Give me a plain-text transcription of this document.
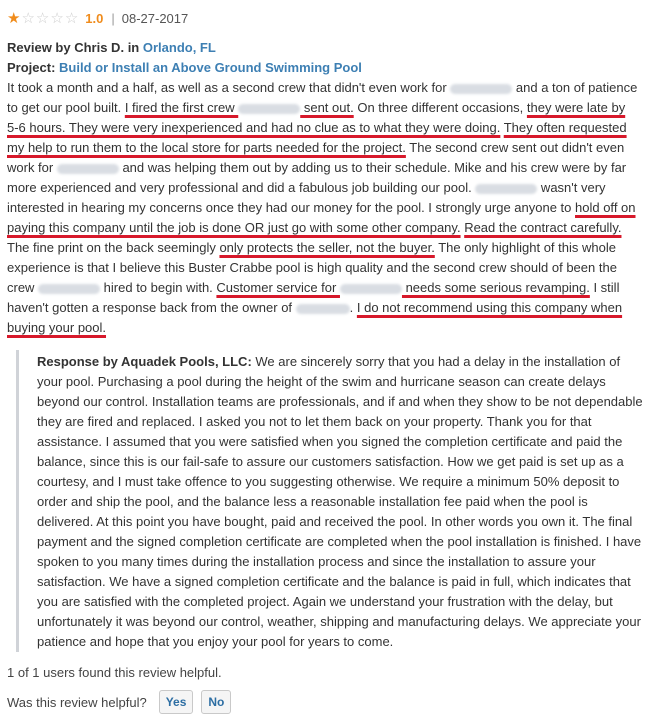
★ ☆ ☆ ☆ ☆ 1.0 | 08-27-2017
Review by Chris D. in Orlando, FL
Project: Build or Install an Above Ground Swimming Pool
It took a month and a half, as well as a second crew that didn't even work for	and a ton of patience to get our pool built. I fired the first crew	sent out. On three different occasions, they were late by 5-6 hours. They were very inexperienced and had no clue as to what they were doing. They often requested my help to run them to the local store for parts needed for the project. The second crew sent out didn't even work for	and was helping them out by adding us to their schedule. Mike and his crew were by far more experienced and very professional and did a fabulous job building our pool.	wasn't very interested in hearing my concerns once they had our money for the pool. I strongly urge anyone to hold off on paying this company until the job is done OR just go with some other company. Read the contract carefully. The fine print on the back seemingly only protects the seller, not the buyer. The only highlight of this whole experience is that I believe this Buster Crabbe pool is high quality and the second crew should of been the crew	hired to begin with. Customer service for	needs some serious revamping. I still haven't gotten a response back from the owner of	. I do not recommend using this company when buying your pool.
Response by Aquadek Pools, LLC: We are sincerely sorry that you had a delay in the installation of your pool. Purchasing a pool during the height of the swim and hurricane season can create delays beyond our control. Installation teams are professionals, and if and when they show to be not dependable they are fired and replaced. I asked you not to let them back on your property. Thank you for that assistance. I assumed that you were satisfied when you signed the completion certificate and paid the balance, since this is our fail-safe to assure our customers satisfaction. How we get paid is set up as a courtesy, and I must take offence to you suggesting otherwise. We require a minimum 50% deposit to order and ship the pool, and the balance less a reasonable installation fee paid when the pool is delivered. At this point you have bought, paid and received the pool. In other words you own it. The final payment and the signed completion certificate are completed when the pool installation is finished. I have spoken to you many times during the installation process and since the installation to assure your satisfaction. We have a signed completion certificate and the balance is paid in full, which indicates that you are satisfied with the completed project. Again we understand your frustration with the delay, but unfortunately it was beyond our control, weather, shipping and manufacturing delays. We appreciate your patience and hope that you enjoy your pool for years to come.
1 of 1 users found this review helpful.
Was this review helpful?	Yes	No
